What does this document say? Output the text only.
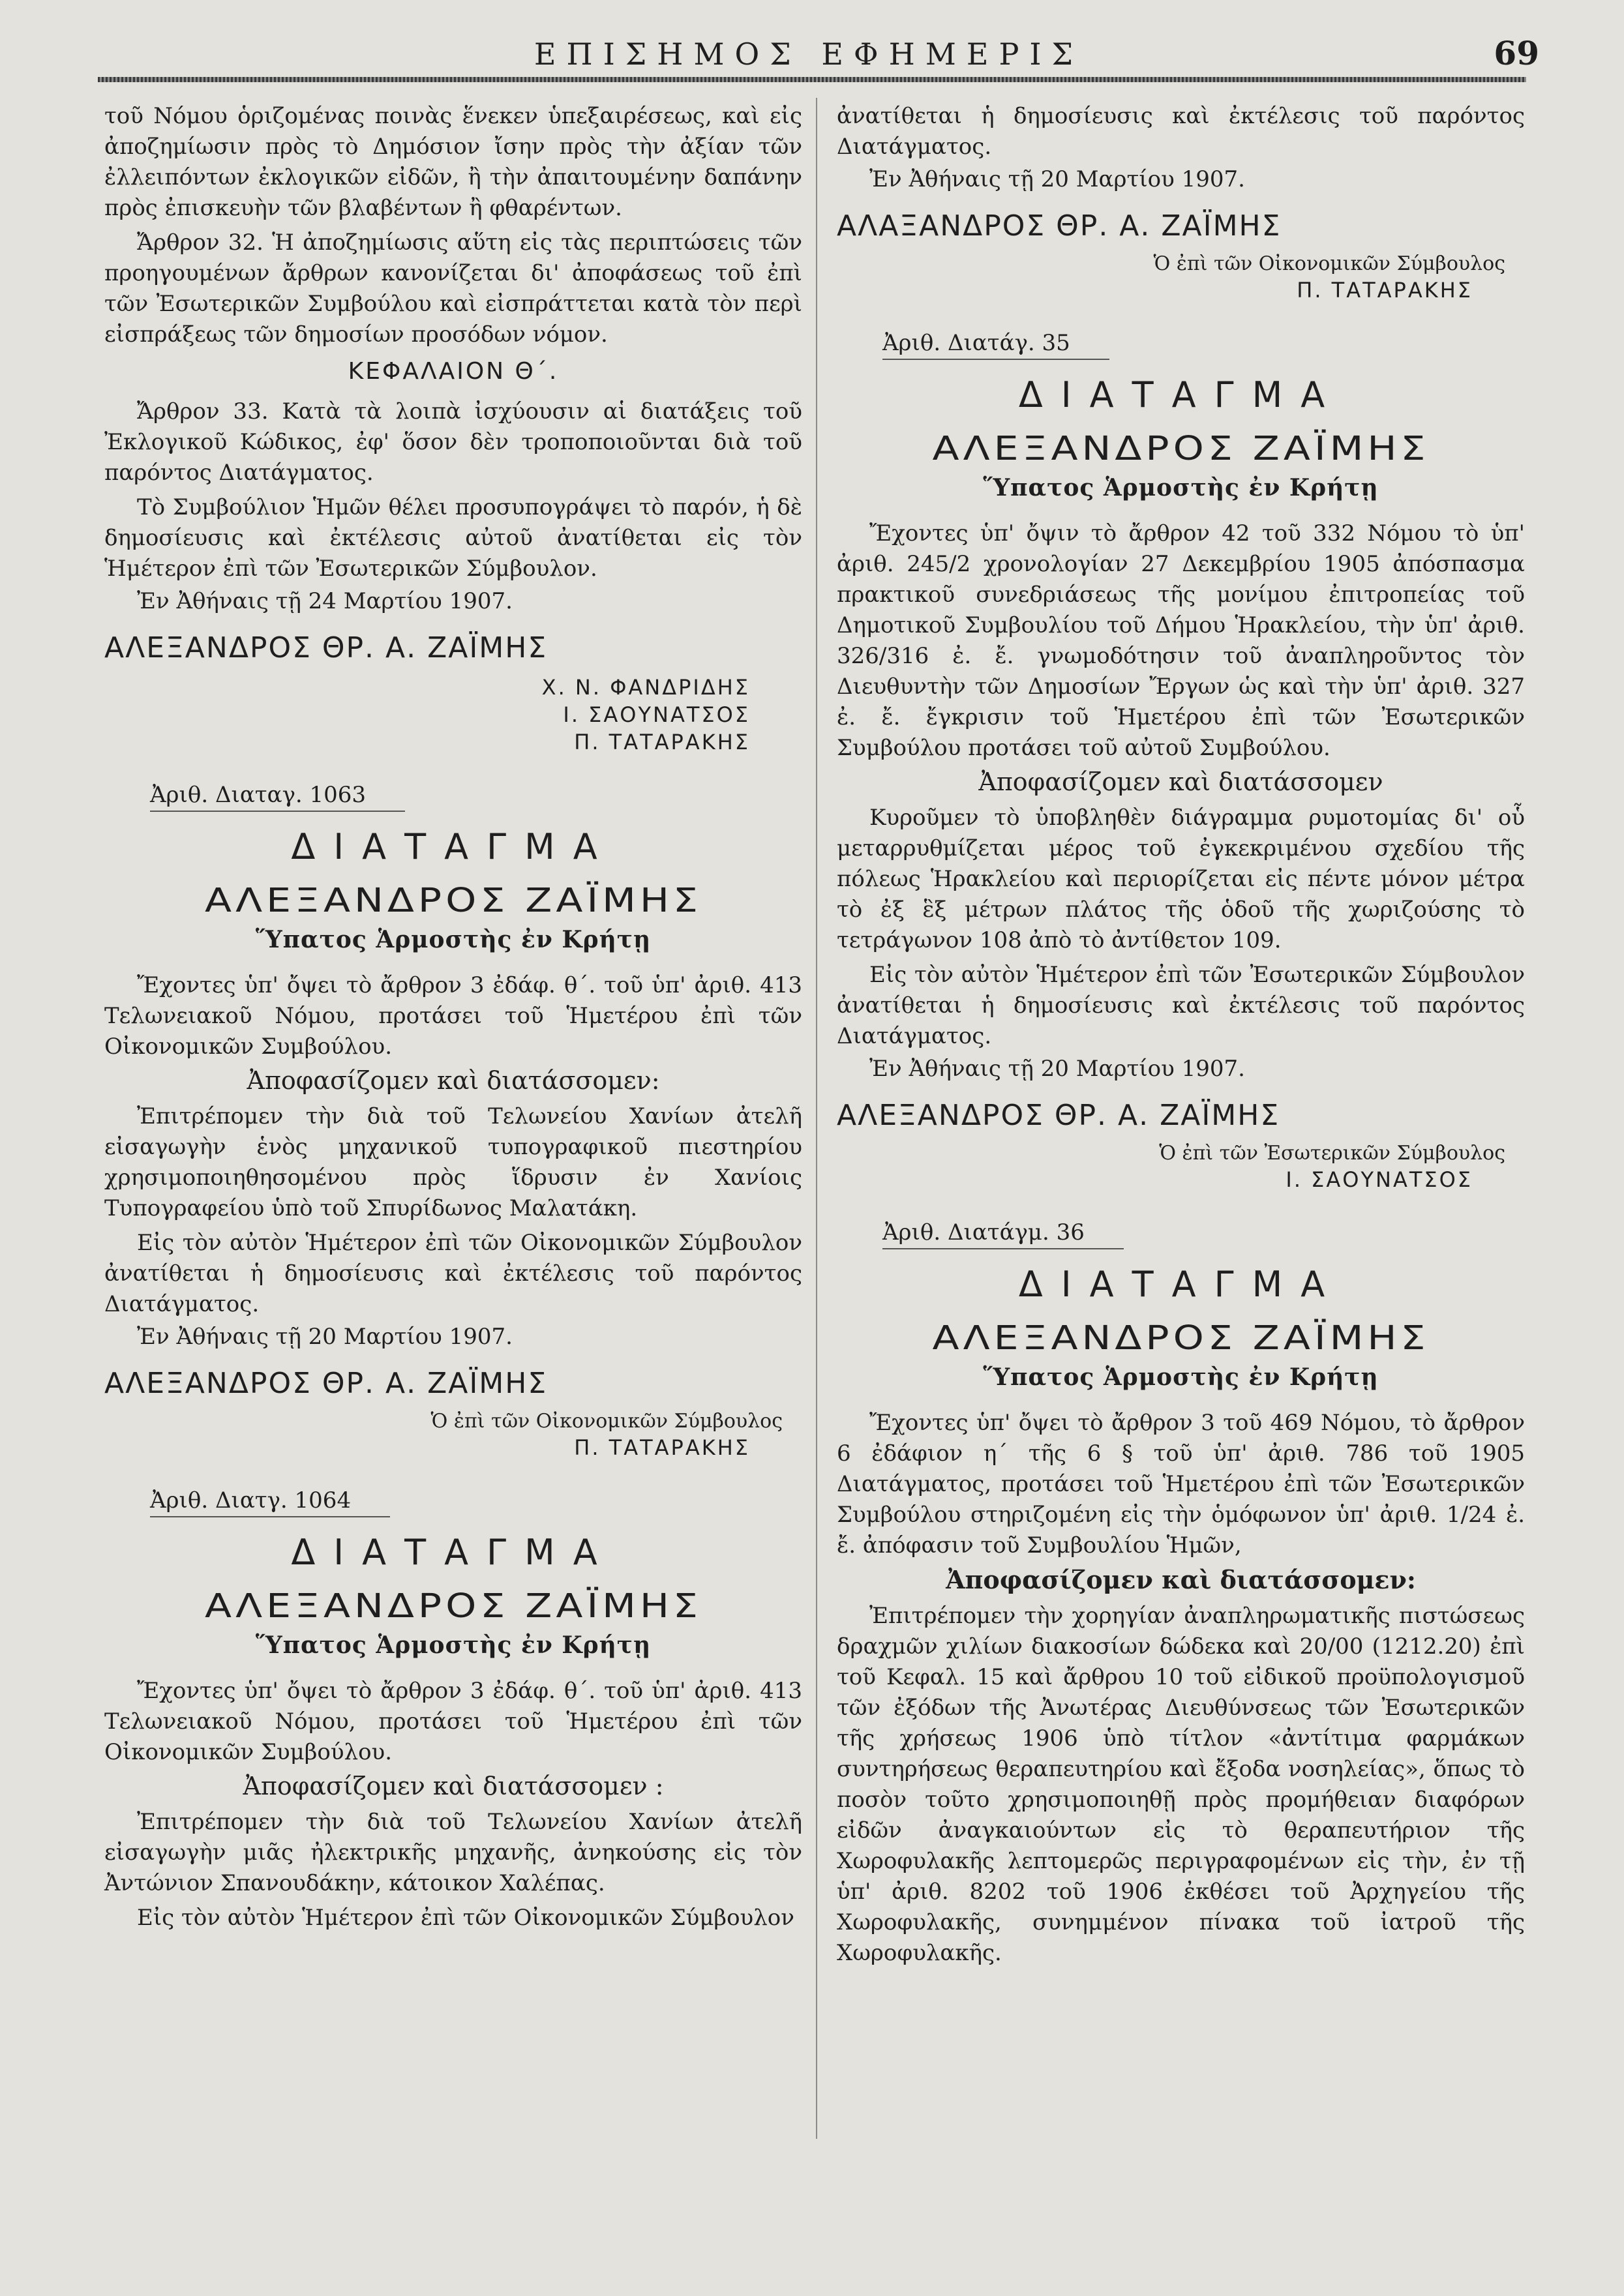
ΕΠΙΣΗΜΟΣ ΕΦΗΜΕΡΙΣ	69

τοῦ Νόμου ὁριζομένας ποινὰς ἕνεκεν ὑπεξαιρέσεως, καὶ εἰς ἀποζημίωσιν πρὸς τὸ Δημόσιον ἴσην πρὸς τὴν ἀξίαν τῶν ἐλλειπόντων ἐκλογικῶν εἰδῶν, ἢ τὴν ἀπαιτουμένην δαπάνην πρὸς ἐπισκευὴν τῶν βλαβέντων ἢ φθαρέντων.

Ἄρθρον 32. Ἡ ἀποζημίωσις αὕτη εἰς τὰς περιπτώσεις τῶν προηγουμένων ἄρθρων κανονίζεται δι' ἀποφάσεως τοῦ ἐπὶ τῶν Ἐσωτερικῶν Συμβούλου καὶ εἰσπράττεται κατὰ τὸν περὶ εἰσπράξεως τῶν δημοσίων προσόδων νόμον.

ΚΕΦΑΛΑΙΟΝ Θ΄.

Ἄρθρον 33. Κατὰ τὰ λοιπὰ ἰσχύουσιν αἱ διατάξεις τοῦ Ἐκλογικοῦ Κώδικος, ἐφ' ὅσον δὲν τροποποιοῦνται διὰ τοῦ παρόντος Διατάγματος.

Τὸ Συμβούλιον Ἡμῶν θέλει προσυπογράψει τὸ παρόν, ἡ δὲ δημοσίευσις καὶ ἐκτέλεσις αὐτοῦ ἀνατίθεται εἰς τὸν Ἡμέτερον ἐπὶ τῶν Ἐσωτερικῶν Σύμβουλον.

Ἐν Ἀθήναις τῇ 24 Μαρτίου 1907.
ΑΛΕΞΑΝΔΡΟΣ ΘΡ. Α. ΖΑΪΜΗΣ
Χ. Ν. ΦΑΝΔΡΙΔΗΣ
Ι. ΣΑΟΥΝΑΤΣΟΣ
Π. ΤΑΤΑΡΑΚΗΣ
Ἀριθ. Διαταγ. 1063
ΔΙΑΤΑΓΜΑ
ΑΛΕΞΑΝΔΡΟΣ ΖΑΪΜΗΣ
Ὕπατος Ἁρμοστὴς ἐν Κρήτῃ

Ἔχοντες ὑπ' ὄψει τὸ ἄρθρον 3 ἐδάφ. θ΄. τοῦ ὑπ' ἀριθ. 413 Τελωνειακοῦ Νόμου, προτάσει τοῦ Ἡμετέρου ἐπὶ τῶν Οἰκονομικῶν Συμβούλου.

Ἀποφασίζομεν καὶ διατάσσομεν:

Ἐπιτρέπομεν τὴν διὰ τοῦ Τελωνείου Χανίων ἀτελῆ εἰσαγωγὴν ἑνὸς μηχανικοῦ τυπογραφικοῦ πιεστηρίου χρησιμοποιηθησομένου πρὸς ἵδρυσιν ἐν Χανίοις Τυπογραφείου ὑπὸ τοῦ Σπυρίδωνος Μαλατάκη.

Εἰς τὸν αὐτὸν Ἡμέτερον ἐπὶ τῶν Οἰκονομικῶν Σύμβουλον ἀνατίθεται ἡ δημοσίευσις καὶ ἐκτέλεσις τοῦ παρόντος Διατάγματος.

Ἐν Ἀθήναις τῇ 20 Μαρτίου 1907.
ΑΛΕΞΑΝΔΡΟΣ ΘΡ. Α. ΖΑΪΜΗΣ
Ὁ ἐπὶ τῶν Οἰκονομικῶν Σύμβουλος
Π. ΤΑΤΑΡΑΚΗΣ
Ἀριθ. Διατγ. 1064
ΔΙΑΤΑΓΜΑ
ΑΛΕΞΑΝΔΡΟΣ ΖΑΪΜΗΣ
Ὕπατος Ἁρμοστὴς ἐν Κρήτῃ

Ἔχοντες ὑπ' ὄψει τὸ ἄρθρον 3 ἐδάφ. θ΄. τοῦ ὑπ' ἀριθ. 413 Τελωνειακοῦ Νόμου, προτάσει τοῦ Ἡμετέρου ἐπὶ τῶν Οἰκονομικῶν Συμβούλου.

Ἀποφασίζομεν καὶ διατάσσομεν :

Ἐπιτρέπομεν τὴν διὰ τοῦ Τελωνείου Χανίων ἀτελῆ εἰσαγωγὴν μιᾶς ἠλεκτρικῆς μηχανῆς, ἀνηκούσης εἰς τὸν Ἀντώνιον Σπανουδάκην, κάτοικον Χαλέπας.

Εἰς τὸν αὐτὸν Ἡμέτερον ἐπὶ τῶν Οἰκονομικῶν Σύμβουλον

ἀνατίθεται ἡ δημοσίευσις καὶ ἐκτέλεσις τοῦ παρόντος Διατάγματος.

Ἐν Ἀθήναις τῇ 20 Μαρτίου 1907.
ΑΛΑΞΑΝΔΡΟΣ ΘΡ. Α. ΖΑΪΜΗΣ
Ὁ ἐπὶ τῶν Οἰκονομικῶν Σύμβουλος
Π. ΤΑΤΑΡΑΚΗΣ
Ἀριθ. Διατάγ. 35
ΔΙΑΤΑΓΜΑ
ΑΛΕΞΑΝΔΡΟΣ ΖΑΪΜΗΣ
Ὕπατος Ἁρμοστὴς ἐν Κρήτῃ

Ἔχοντες ὑπ' ὄψιν τὸ ἄρθρον 42 τοῦ 332 Νόμου τὸ ὑπ' ἀριθ. 245/2 χρονολογίαν 27 Δεκεμβρίου 1905 ἀπόσπασμα πρακτικοῦ συνεδριάσεως τῆς μονίμου ἐπιτροπείας τοῦ Δημοτικοῦ Συμβουλίου τοῦ Δήμου Ἡρακλείου, τὴν ὑπ' ἀριθ. 326/316 ἐ. ἔ. γνωμοδότησιν τοῦ ἀναπληροῦντος τὸν Διευθυντὴν τῶν Δημοσίων Ἔργων ὡς καὶ τὴν ὑπ' ἀριθ. 327 ἐ. ἔ. ἔγκρισιν τοῦ Ἡμετέρου ἐπὶ τῶν Ἐσωτερικῶν Συμβούλου προτάσει τοῦ αὐτοῦ Συμβούλου.

Ἀποφασίζομεν καὶ διατάσσομεν

Κυροῦμεν τὸ ὑποβληθὲν διάγραμμα ρυμοτομίας δι' οὗ μεταρρυθμίζεται μέρος τοῦ ἐγκεκριμένου σχεδίου τῆς πόλεως Ἡρακλείου καὶ περιορίζεται εἰς πέντε μόνον μέτρα τὸ ἐξ ἓξ μέτρων πλάτος τῆς ὁδοῦ τῆς χωριζούσης τὸ τετράγωνον 108 ἀπὸ τὸ ἀντίθετον 109.

Εἰς τὸν αὐτὸν Ἡμέτερον ἐπὶ τῶν Ἐσωτερικῶν Σύμβουλον ἀνατίθεται ἡ δημοσίευσις καὶ ἐκτέλεσις τοῦ παρόντος Διατάγματος.

Ἐν Ἀθήναις τῇ 20 Μαρτίου 1907.
ΑΛΕΞΑΝΔΡΟΣ ΘΡ. Α. ΖΑΪΜΗΣ
Ὁ ἐπὶ τῶν Ἐσωτερικῶν Σύμβουλος
Ι. ΣΑΟΥΝΑΤΣΟΣ
Ἀριθ. Διατάγμ. 36
ΔΙΑΤΑΓΜΑ
ΑΛΕΞΑΝΔΡΟΣ ΖΑΪΜΗΣ
Ὕπατος Ἁρμοστὴς ἐν Κρήτῃ

Ἔχοντες ὑπ' ὄψει τὸ ἄρθρον 3 τοῦ 469 Νόμου, τὸ ἄρθρον 6 ἐδάφιον η΄ τῆς 6 § τοῦ ὑπ' ἀριθ. 786 τοῦ 1905 Διατάγματος, προτάσει τοῦ Ἡμετέρου ἐπὶ τῶν Ἐσωτερικῶν Συμβούλου στηριζομένη εἰς τὴν ὁμόφωνον ὑπ' ἀριθ. 1/24 ἐ. ἔ. ἀπόφασιν τοῦ Συμβουλίου Ἡμῶν,

Ἀποφασίζομεν καὶ διατάσσομεν:

Ἐπιτρέπομεν τὴν χορηγίαν ἀναπληρωματικῆς πιστώσεως δραχμῶν χιλίων διακοσίων δώδεκα καὶ 20/00 (1212.20) ἐπὶ τοῦ Κεφαλ. 15 καὶ ἄρθρου 10 τοῦ εἰδικοῦ προϋπολογισμοῦ τῶν ἐξόδων τῆς Ἀνωτέρας Διευθύνσεως τῶν Ἐσωτερικῶν τῆς χρήσεως 1906 ὑπὸ τίτλον «ἀντίτιμα φαρμάκων συντηρήσεως θεραπευτηρίου καὶ ἔξοδα νοσηλείας», ὅπως τὸ ποσὸν τοῦτο χρησιμοποιηθῇ πρὸς προμήθειαν διαφόρων εἰδῶν ἀναγκαιούντων εἰς τὸ θεραπευτήριον τῆς Χωροφυλακῆς λεπτομερῶς περιγραφομένων εἰς τὴν, ἐν τῇ ὑπ' ἀριθ. 8202 τοῦ 1906 ἐκθέσει τοῦ Ἀρχηγείου τῆς Χωροφυλακῆς, συνημμένον πίνακα τοῦ ἰατροῦ τῆς Χωροφυλακῆς.
